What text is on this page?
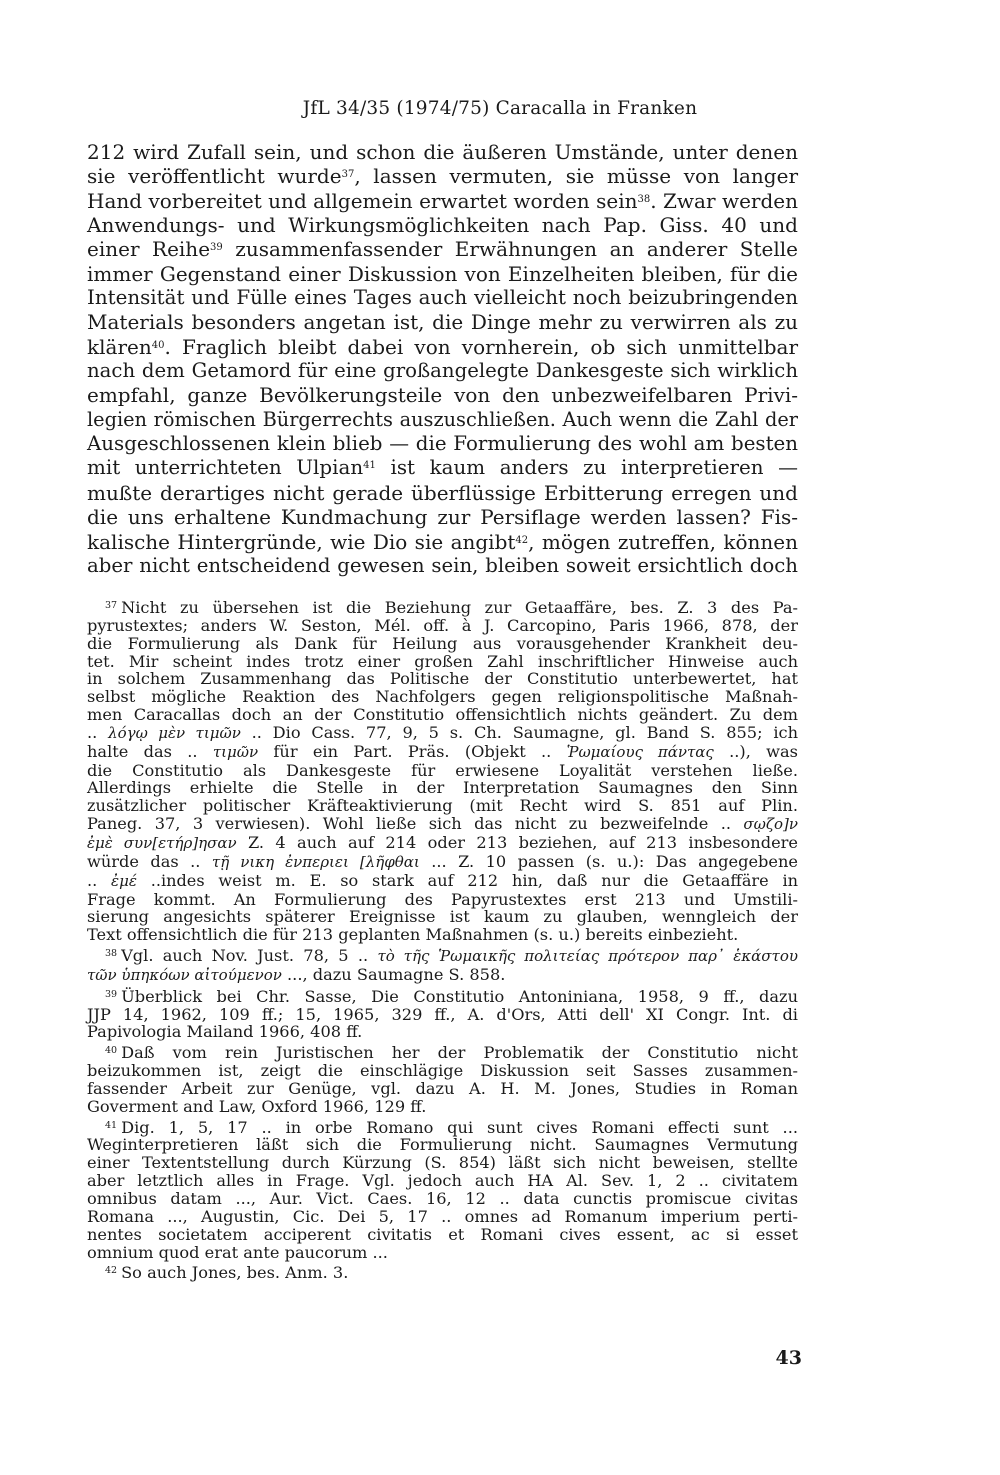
JfL 34/35 (1974/75) Caracalla in Franken
212 wird Zufall sein, und schon die äußeren Umstände, unter denen
sie veröffentlicht wurde$^{37}$, lassen vermuten, sie müsse von langer
Hand vorbereitet und allgemein erwartet worden sein$^{38}$. Zwar werden
Anwendungs- und Wirkungsmöglichkeiten nach Pap. Giss. 40 und
einer Reihe$^{39}$ zusammenfassender Erwähnungen an anderer Stelle
immer Gegenstand einer Diskussion von Einzelheiten bleiben, für die
Intensität und Fülle eines Tages auch vielleicht noch beizubringenden
Materials besonders angetan ist, die Dinge mehr zu verwirren als zu
klären$^{40}$. Fraglich bleibt dabei von vornherein, ob sich unmittelbar
nach dem Getamord für eine großangelegte Dankesgeste sich wirklich
empfahl, ganze Bevölkerungsteile von den unbezweifelbaren Privi-
legien römischen Bürgerrechts auszuschließen. Auch wenn die Zahl der
Ausgeschlossenen klein blieb — die Formulierung des wohl am besten
mit unterrichteten Ulpian$^{41}$ ist kaum anders zu interpretieren —
mußte derartiges nicht gerade überflüssige Erbitterung erregen und
die uns erhaltene Kundmachung zur Persiflage werden lassen? Fis-
kalische Hintergründe, wie Dio sie angibt$^{42}$, mögen zutreffen, können
aber nicht entscheidend gewesen sein, bleiben soweit ersichtlich doch
$^{37}$ Nicht zu übersehen ist die Beziehung zur Getaaffäre, bes. Z. 3 des Pa-
pyrustextes; anders W. Seston, Mél. off. à J. Carcopino, Paris 1966, 878, der
die Formulierung als Dank für Heilung aus vorausgehender Krankheit deu-
tet. Mir scheint indes trotz einer großen Zahl inschriftlicher Hinweise auch
in solchem Zusammenhang das Politische der Constitutio unterbewertet, hat
selbst mögliche Reaktion des Nachfolgers gegen religionspolitische Maßnah-
men Caracallas doch an der Constitutio offensichtlich nichts geändert. Zu dem
.. λόγῳ μὲν τιμῶν .. Dio Cass. 77, 9, 5 s. Ch. Saumagne, gl. Band S. 855; ich
halte das .. τιμῶν für ein Part. Präs. (Objekt .. Ῥωμαίους πάντας ..), was
die Constitutio als Dankesgeste für erwiesene Loyalität verstehen ließe.
Allerdings erhielte die Stelle in der Interpretation Saumagnes den Sinn
zusätzlicher politischer Kräfteaktivierung (mit Recht wird S. 851 auf Plin.
Paneg. 37, 3 verwiesen). Wohl ließe sich das nicht zu bezweifelnde .. σῳζο]ν
ἐμὲ συν[ετήρ]ησαν Z. 4 auch auf 214 oder 213 beziehen, auf 213 insbesondere
würde das .. τῇ νικη ἐνπεριει [λῆφθαι ... Z. 10 passen (s. u.): Das angegebene
.. ἐμέ ..indes weist m. E. so stark auf 212 hin, daß nur die Getaaffäre in
Frage kommt. An Formulierung des Papyrustextes erst 213 und Umstili-
sierung angesichts späterer Ereignisse ist kaum zu glauben, wenngleich der
Text offensichtlich die für 213 geplanten Maßnahmen (s. u.) bereits einbezieht.
$^{38}$ Vgl. auch Nov. Just. 78, 5 .. τὸ τῆς Ῥωμαικῆς πολιτείας πρότερον παρ᾽ ἑκάστου
τῶν ὑπηκόων αἰτούμενον ..., dazu Saumagne S. 858.
$^{39}$ Überblick bei Chr. Sasse, Die Constitutio Antoniniana, 1958, 9 ff., dazu
JJP 14, 1962, 109 ff.; 15, 1965, 329 ff., A. d'Ors, Atti dell' XI Congr. Int. di
Papivologia Mailand 1966, 408 ff.
$^{40}$ Daß vom rein Juristischen her der Problematik der Constitutio nicht
beizukommen ist, zeigt die einschlägige Diskussion seit Sasses zusammen-
fassender Arbeit zur Genüge, vgl. dazu A. H. M. Jones, Studies in Roman
Goverment and Law, Oxford 1966, 129 ff.
$^{41}$ Dig. 1, 5, 17 .. in orbe Romano qui sunt cives Romani effecti sunt ...
Weginterpretieren läßt sich die Formulierung nicht. Saumagnes Vermutung
einer Textentstellung durch Kürzung (S. 854) läßt sich nicht beweisen, stellte
aber letztlich alles in Frage. Vgl. jedoch auch HA Al. Sev. 1, 2 .. civitatem
omnibus datam ..., Aur. Vict. Caes. 16, 12 .. data cunctis promiscue civitas
Romana ..., Augustin, Cic. Dei 5, 17 .. omnes ad Romanum imperium perti-
nentes societatem acciperent civitatis et Romani cives essent, ac si esset
omnium quod erat ante paucorum ...
$^{42}$ So auch Jones, bes. Anm. 3.
43
